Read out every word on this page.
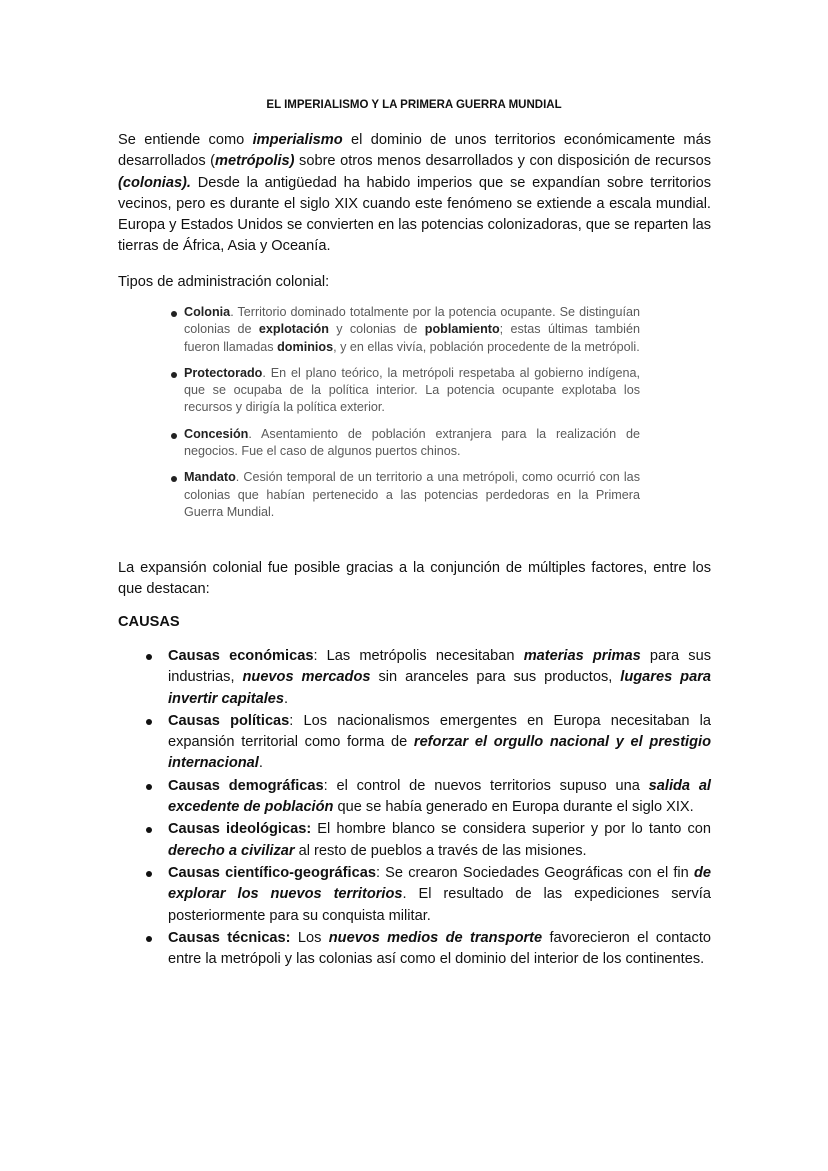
EL IMPERIALISMO Y LA PRIMERA GUERRA MUNDIAL
Se entiende como imperialismo el dominio de unos territorios económicamente más desarrollados (metrópolis) sobre otros menos desarrollados y con disposición de recursos (colonias). Desde la antigüedad ha habido imperios que se expandían sobre territorios vecinos, pero es durante el siglo XIX cuando este fenómeno se extiende a escala mundial. Europa y Estados Unidos se convierten en las potencias colonizadoras, que se reparten las tierras de África, Asia y Oceanía.
Tipos de administración colonial:
Colonia. Territorio dominado totalmente por la potencia ocupante. Se distinguían colonias de explotación y colonias de poblamiento; estas últimas también fueron llamadas dominios, y en ellas vivía, población procedente de la metrópoli.
Protectorado. En el plano teórico, la metrópoli respetaba al gobierno indígena, que se ocupaba de la política interior. La potencia ocupante explotaba los recursos y dirigía la política exterior.
Concesión. Asentamiento de población extranjera para la realización de negocios. Fue el caso de algunos puertos chinos.
Mandato. Cesión temporal de un territorio a una metrópoli, como ocurrió con las colonias que habían pertenecido a las potencias perdedoras en la Primera Guerra Mundial.
La expansión colonial fue posible gracias a la conjunción de múltiples factores, entre los que destacan:
CAUSAS
Causas económicas: Las metrópolis necesitaban materias primas para sus industrias, nuevos mercados sin aranceles para sus productos, lugares para invertir capitales.
Causas políticas: Los nacionalismos emergentes en Europa necesitaban la expansión territorial como forma de reforzar el orgullo nacional y el prestigio internacional.
Causas demográficas: el control de nuevos territorios supuso una salida al excedente de población que se había generado en Europa durante el siglo XIX.
Causas ideológicas: El hombre blanco se considera superior y por lo tanto con derecho a civilizar al resto de pueblos a través de las misiones.
Causas científico-geográficas: Se crearon Sociedades Geográficas con el fin de explorar los nuevos territorios. El resultado de las expediciones servía posteriormente para su conquista militar.
Causas técnicas: Los nuevos medios de transporte favorecieron el contacto entre la metrópoli y las colonias así como el dominio del interior de los continentes.
